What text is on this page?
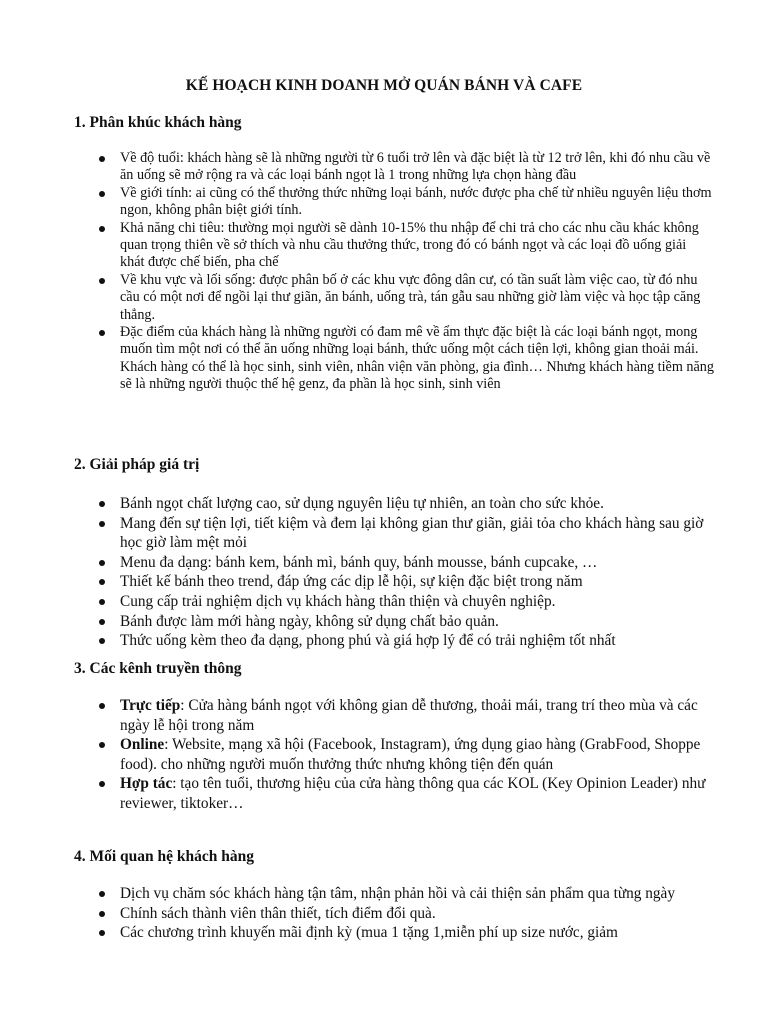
KẾ HOẠCH KINH DOANH MỞ QUÁN BÁNH VÀ CAFE
1. Phân khúc khách hàng
Về độ tuổi: khách hàng sẽ là những người từ 6 tuổi trở lên và đặc biệt là từ 12 trở lên, khi đó nhu cầu về ăn uống sẽ mở rộng ra và các loại bánh ngọt là 1 trong những lựa chọn hàng đầu
Về giới tính: ai cũng có thể thưởng thức những loại bánh, nước được pha chế từ nhiều nguyên liệu thơm ngon, không phân biệt giới tính.
Khả năng chi tiêu: thường mọi người sẽ dành 10-15% thu nhập để chi trả cho các nhu cầu khác không quan trọng thiên về sở thích và nhu cầu thưởng thức, trong đó có bánh ngọt và các loại đồ uống giải khát được chế biến, pha chế
Về khu vực và lối sống: được phân bố ở các khu vực đông dân cư, có tần suất làm việc cao, từ đó nhu cầu có một nơi để ngồi lại thư giãn, ăn bánh, uống trà, tán gẫu sau những giờ làm việc và học tập căng thẳng.
Đặc điểm của khách hàng là những người có đam mê về ẩm thực đặc biệt là các loại bánh ngọt, mong muốn tìm một nơi có thể ăn uống những loại bánh, thức uống một cách tiện lợi, không gian thoải mái. Khách hàng có thể là học sinh, sinh viên, nhân viện văn phòng, gia đình… Nhưng khách hàng tiềm năng sẽ là những người thuộc thế hệ genz, đa phần là học sinh, sinh viên
2. Giải pháp giá trị
Bánh ngọt chất lượng cao, sử dụng nguyên liệu tự nhiên, an toàn cho sức khỏe.
Mang đến sự tiện lợi, tiết kiệm và đem lại không gian thư giãn, giải tỏa cho khách hàng sau giờ học giờ làm mệt mỏi
Menu đa dạng: bánh kem, bánh mì, bánh quy, bánh mousse, bánh cupcake, …
Thiết kế bánh theo trend, đáp ứng các dịp lễ hội, sự kiện đặc biệt trong năm
Cung cấp trải nghiệm dịch vụ khách hàng thân thiện và chuyên nghiệp.
Bánh được làm mới hàng ngày, không sử dụng chất bảo quản.
Thức uống kèm theo đa dạng, phong phú và giá hợp lý để có trải nghiệm tốt nhất
3. Các kênh truyền thông
Trực tiếp: Cửa hàng bánh ngọt với không gian dễ thương, thoải mái, trang trí theo mùa và các ngày lễ hội trong năm
Online: Website, mạng xã hội (Facebook, Instagram), ứng dụng giao hàng (GrabFood, Shoppe food). cho những người muốn thưởng thức nhưng không tiện đến quán
Hợp tác: tạo tên tuổi, thương hiệu của cửa hàng thông qua các KOL (Key Opinion Leader) như reviewer, tiktoker…
4. Mối quan hệ khách hàng
Dịch vụ chăm sóc khách hàng tận tâm, nhận phản hồi và cải thiện sản phẩm qua từng ngày
Chính sách thành viên thân thiết, tích điểm đổi quà.
Các chương trình khuyến mãi định kỳ (mua 1 tặng 1,miễn phí up size nước, giảm
